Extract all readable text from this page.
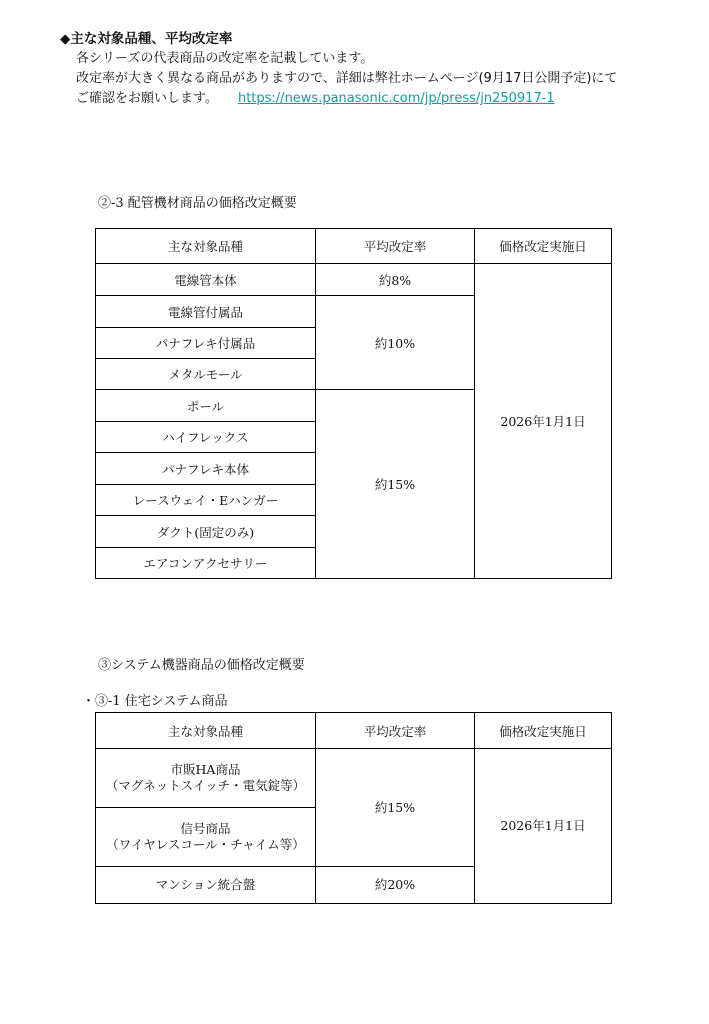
◆主な対象品種、平均改定率
各シリーズの代表商品の改定率を記載しています。
改定率が大きく異なる商品がありますので、詳細は弊社ホームページ(9月17日公開予定)にて
ご確認をお願いします。 https://news.panasonic.com/jp/press/jn250917-1
②-3 配管機材商品の価格改定概要
主な対象品種	平均改定率	価格改定実施日
電線管本体	約8%	2026年1月1日
電線管付属品	約10%	
パナフレキ付属品		
メタルモール		
ポール	約15%	
ハイフレックス		
パナフレキ本体		
レースウェイ・Eハンガー		
ダクト(固定のみ)		
エアコンアクセサリー		
③システム機器商品の価格改定概要
・③-1 住宅システム商品
主な対象品種	平均改定率	価格改定実施日

市販HA商品
（マグネットスイッチ・電気錠等）	約15%	2026年1月1日

信号商品
（ワイヤレスコール・チャイム等）		

マンション統合盤	約20%	
